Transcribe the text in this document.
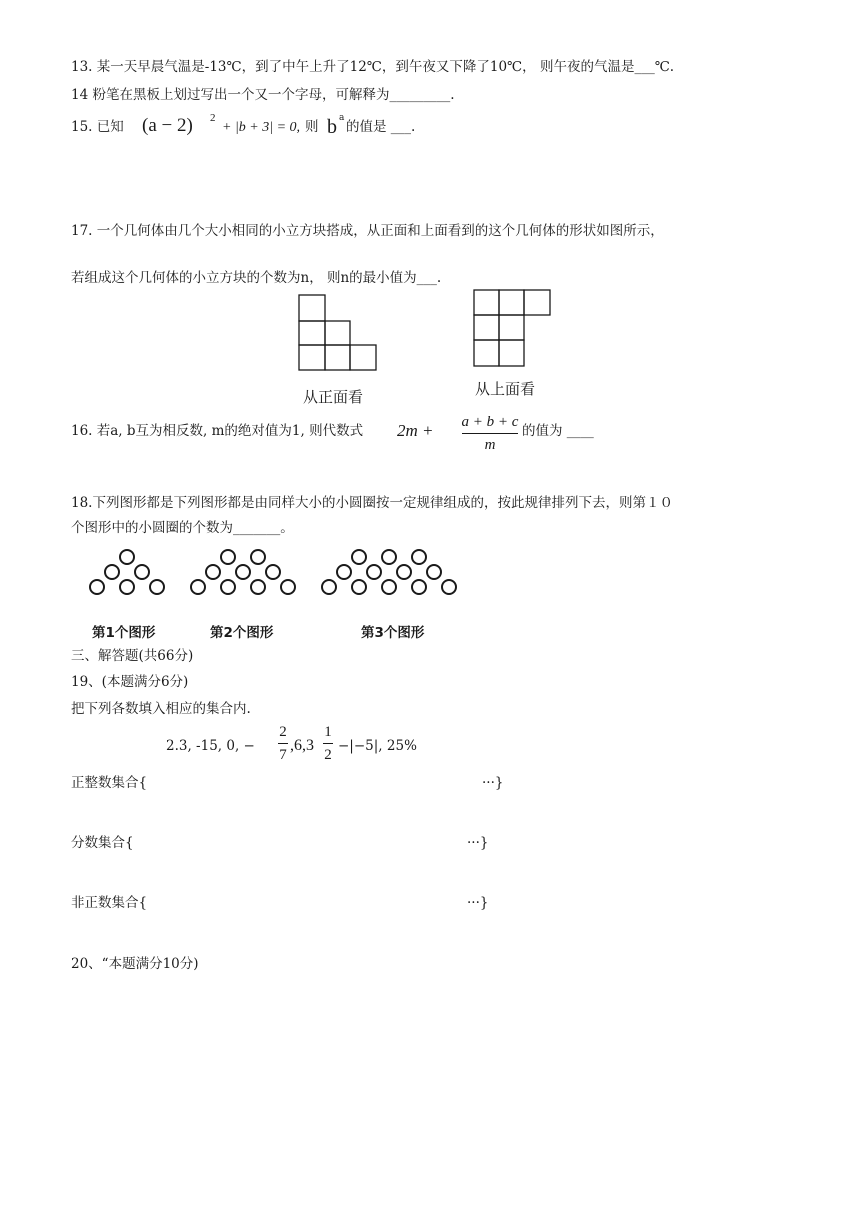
13. 某一天早晨气温是-13℃，到了中午上升了12℃，到午夜又下降了10℃， 则午夜的气温是___℃.
14 粉笔在黑板上划过写出一个又一个字母，可解释为_________.
15. 已知 (a − 2) 2
+ |b + 3| = 0, 则 b a
的值是 ___.
17. 一个几何体由几个大小相同的小立方块搭成，从正面和上面看到的这个几何体的形状如图所示，
若组成这个几何体的小立方块的个数为n， 则n的最小值为___.
从正面看	从上面看
16. 若a, b互为相反数, m的绝对值为1, 则代数式 2m + a + b + c
m
的值为 ____
18.下列图形都是下列图形都是由同样大小的小圆圈按一定规律组成的，按此规律排列下去，则第１０
个图形中的小圆圈的个数为_______。
第1个图形	第2个图形	第3个图形
三、解答题(共66分)
19、(本题满分6分)
把下列各数填入相应的集合内.
2.3, -15, 0, −
2
7
,6,3
1
2
−|−5|, 25%
正整数集合{	···}
分数集合{	···}
非正数集合{	···}
20、“本题满分10分)
